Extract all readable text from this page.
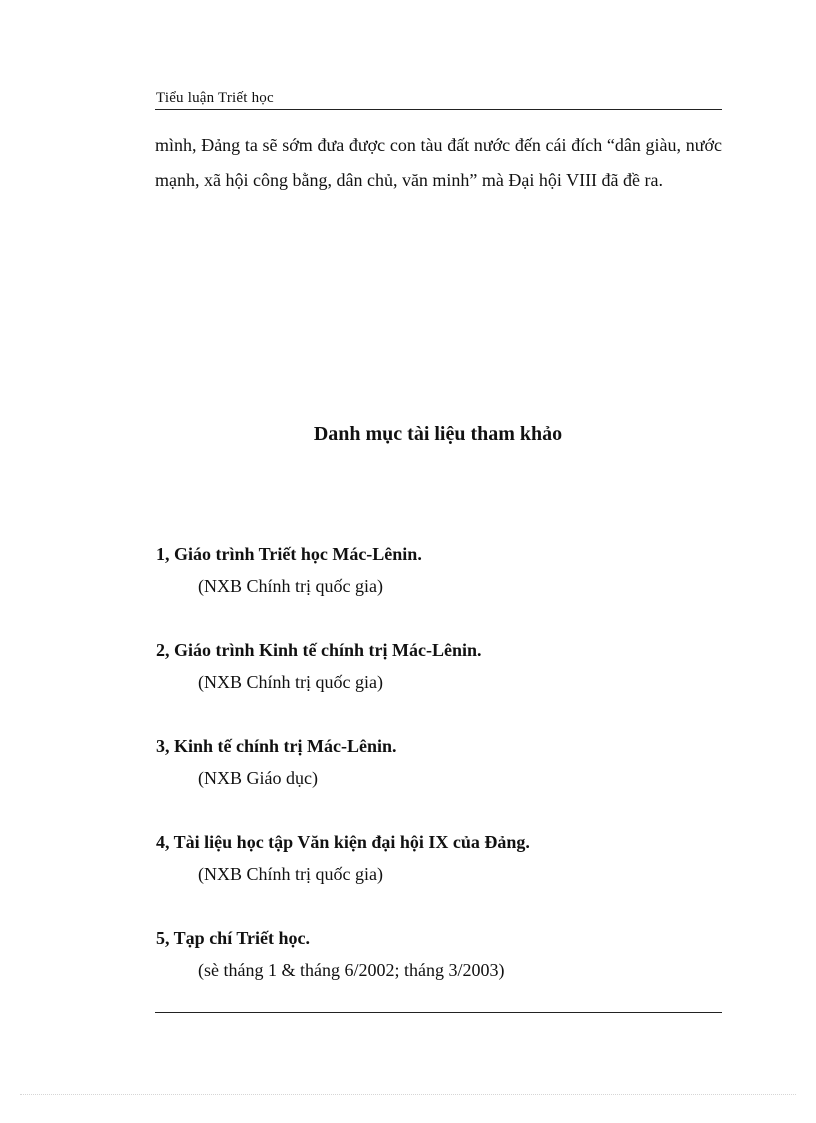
Tiểu luận Triết học
mình, Đảng ta sẽ sớm đưa được con tàu đất nước đến cái đích “dân giàu, nước mạnh, xã hội công bằng, dân chủ, văn minh” mà Đại hội VIII đã đề ra.
Danh mục tài liệu tham khảo
1, Giáo trình Triết học Mác-Lênin.
(NXB Chính trị quốc gia)
2, Giáo trình Kinh tế chính trị Mác-Lênin.
(NXB Chính trị quốc gia)
3, Kinh tế chính trị Mác-Lênin.
(NXB Giáo dục)
4, Tài liệu học tập Văn kiện đại hội IX của Đảng.
(NXB Chính trị quốc gia)
5, Tạp chí Triết học.
(sè tháng 1 & tháng 6/2002; tháng 3/2003)
